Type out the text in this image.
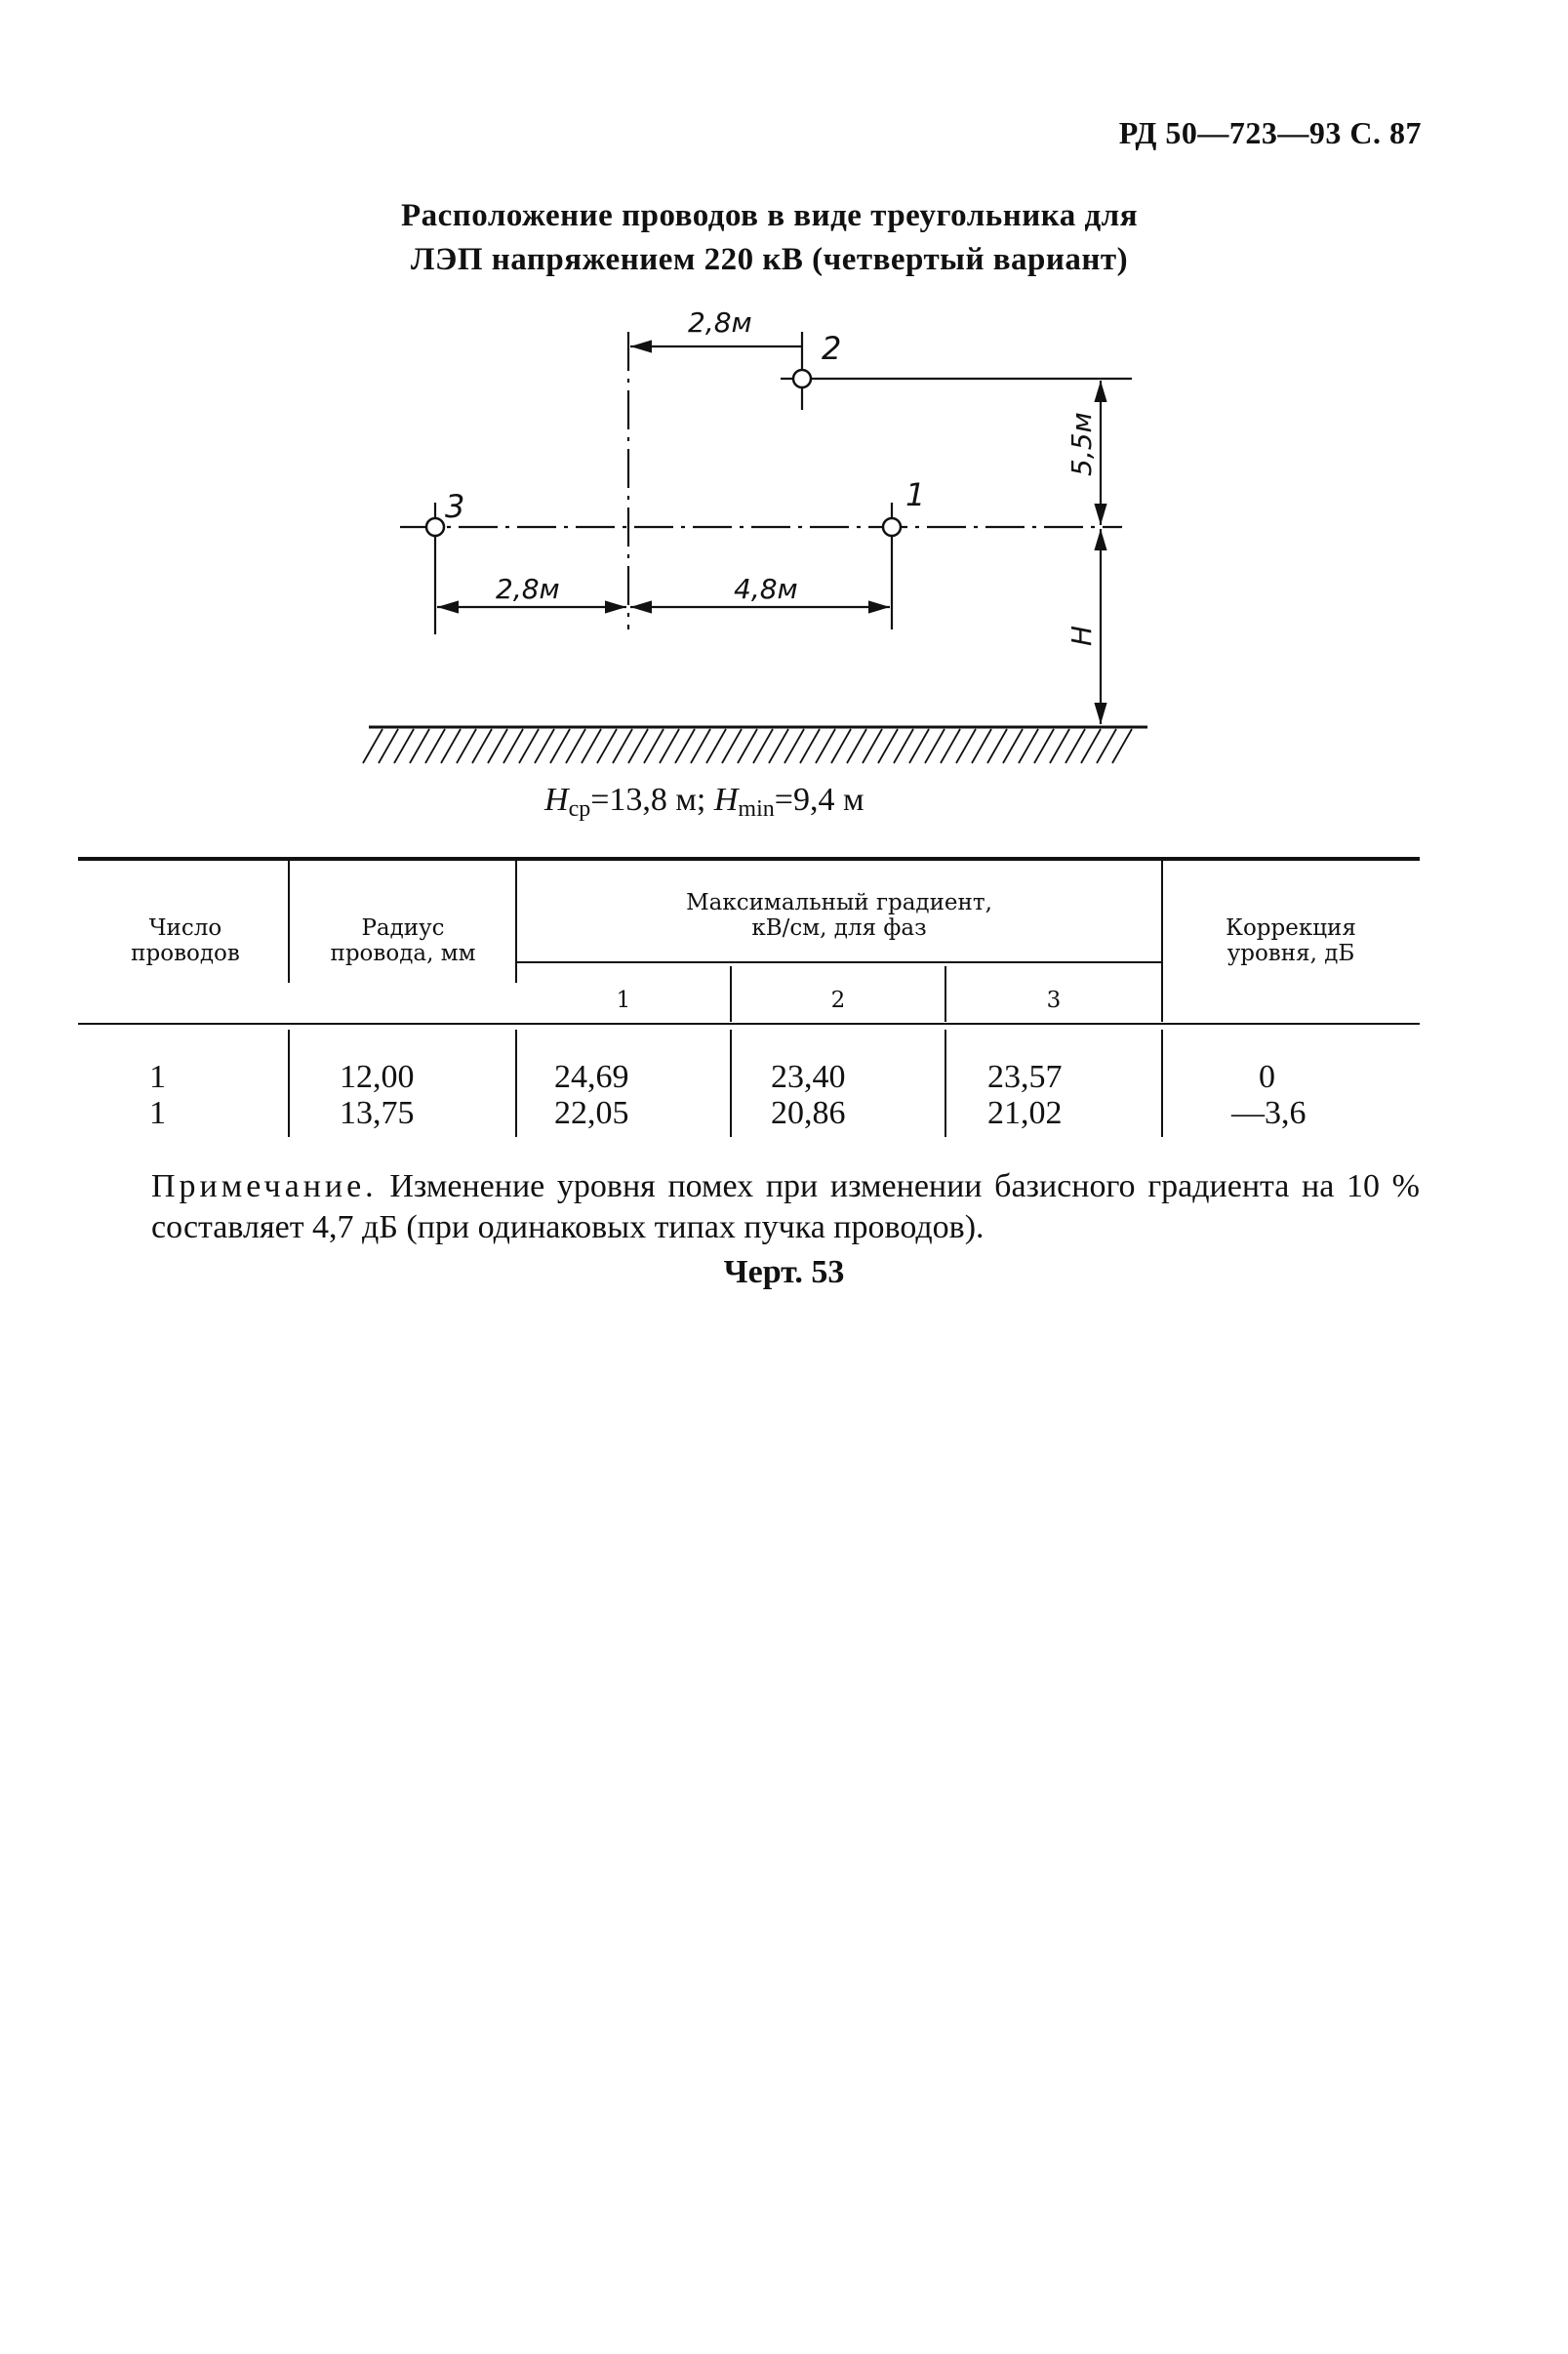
РД 50—723—93 С. 87
Расположение проводов в виде треугольника для
ЛЭП напряжением 220 кВ (четвертый вариант)
2
3	1
2,8м
2,8м	4,8м
5,5м
H
Hср=13,8 м; Hmin=9,4 м
Число
проводов
Радиус
провода, мм
Максимальный градиент,
кВ/см, для фаз
1	2	3
Коррекция
уровня, дБ
1	12,00	24,69	23,40	23,57	0
1	13,75	22,05	20,86	21,02	—3,6
Примечание. Изменение уровня помех при изменении базисного градиента на 10 % составляет 4,7 дБ (при одинаковых типах пучка проводов).
Черт. 53
